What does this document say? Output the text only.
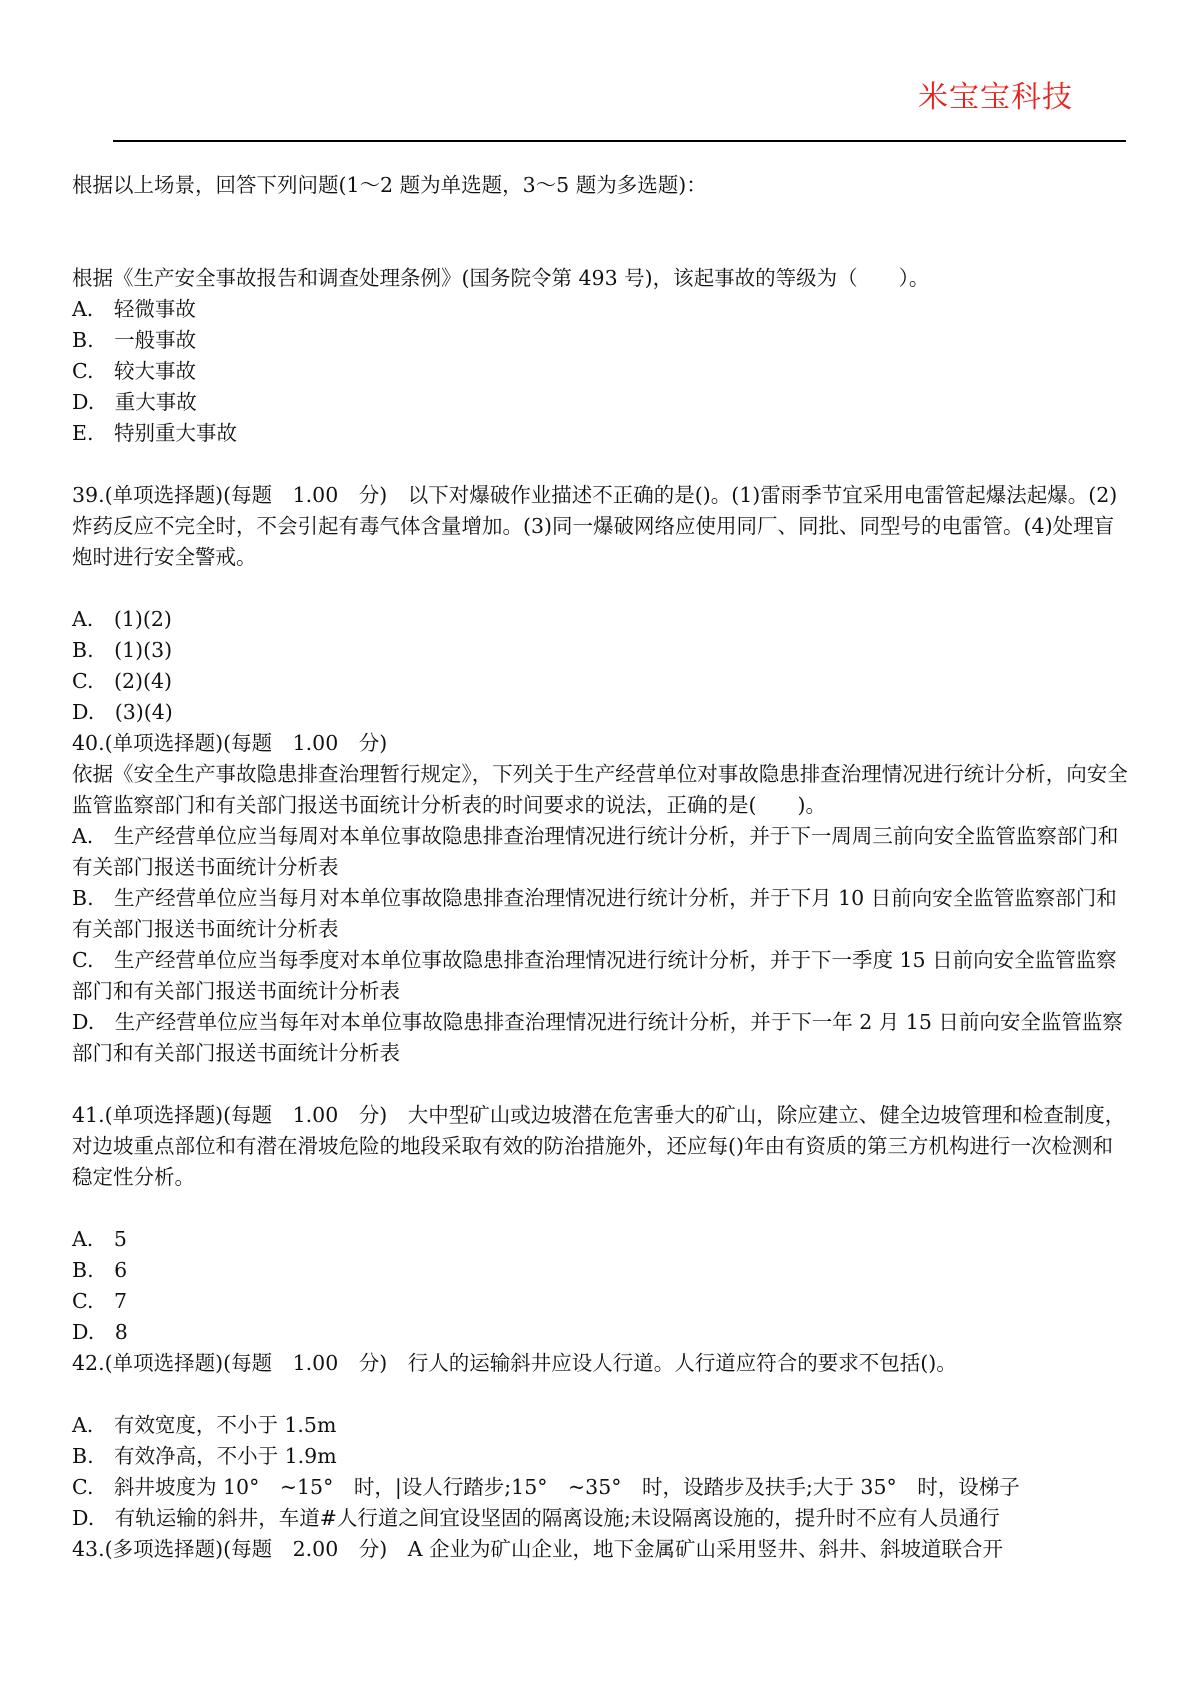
米宝宝科技

根据以上场景，回答下列问题(1～2 题为单选题，3～5 题为多选题)：

根据《生产安全事故报告和调查处理条例》(国务院令第 493 号)，该起事故的等级为（　　）。

A.　轻微事故
B.　一般事故
C.　较大事故
D.　重大事故
E.　特别重大事故

39.(单项选择题)(每题　1.00　分)　以下对爆破作业描述不正确的是()。(1)雷雨季节宜采用电雷管起爆法起爆。(2)炸药反应不完全时，不会引起有毒气体含量增加。(3)同一爆破网络应使用同厂、同批、同型号的电雷管。(4)处理盲炮时进行安全警戒。

A.　(1)(2)
B.　(1)(3)
C.　(2)(4)
D.　(3)(4)

40.(单项选择题)(每题　1.00　分)

依据《安全生产事故隐患排查治理暂行规定》，下列关于生产经营单位对事故隐患排查治理情况进行统计分析，向安全监管监察部门和有关部门报送书面统计分析表的时间要求的说法，正确的是(　　)。

A.　生产经营单位应当每周对本单位事故隐患排查治理情况进行统计分析，并于下一周周三前向安全监管监察部门和有关部门报送书面统计分析表

B.　生产经营单位应当每月对本单位事故隐患排查治理情况进行统计分析，并于下月 10 日前向安全监管监察部门和有关部门报送书面统计分析表

C.　生产经营单位应当每季度对本单位事故隐患排查治理情况进行统计分析，并于下一季度 15 日前向安全监管监察部门和有关部门报送书面统计分析表

D.　生产经营单位应当每年对本单位事故隐患排查治理情况进行统计分析，并于下一年 2 月 15 日前向安全监管监察部门和有关部门报送书面统计分析表

41.(单项选择题)(每题　1.00　分)　大中型矿山或边坡潜在危害垂大的矿山，除应建立、健全边坡管理和检查制度，对边坡重点部位和有潜在滑坡危险的地段采取有效的防治措施外，还应每()年由有资质的第三方机构进行一次检测和稳定性分析。

A.　5
B.　6
C.　7
D.　8

42.(单项选择题)(每题　1.00　分)　行人的运输斜井应设人行道。人行道应符合的要求不包括()。

A.　有效宽度，不小于 1.5m

B.　有效净高，不小于 1.9m

C.　斜井坡度为 10°　~15°　时，|设人行踏步;15°　~35°　时，设踏步及扶手;大于 35°　时，设梯子

D.　有轨运输的斜井，车道#人行道之间宜设坚固的隔离设施;未设隔离设施的，提升时不应有人员通行

43.(多项选择题)(每题　2.00　分)　A 企业为矿山企业，地下金属矿山采用竖井、斜井、斜坡道联合开
